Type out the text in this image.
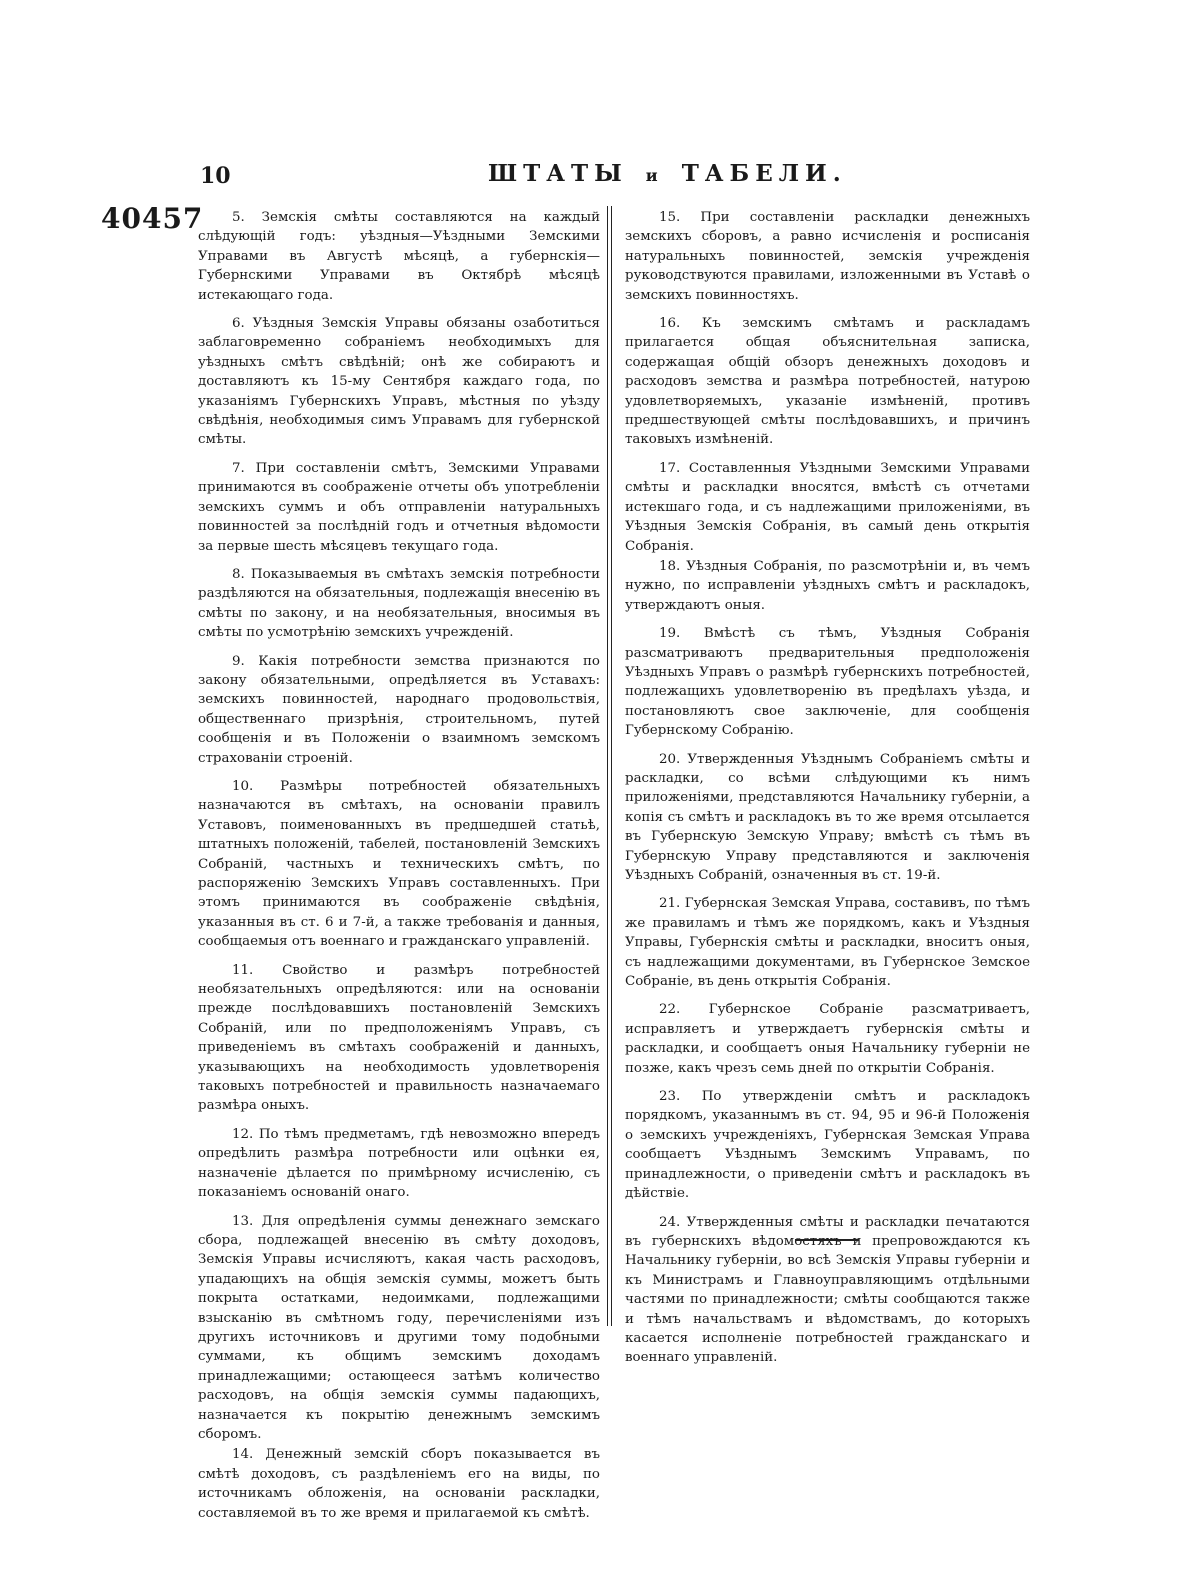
10	ШТАТЫ и ТАБЕЛИ.
40457	5. Земскія смѣты составляются на каждый слѣдующій годъ: уѣздныя—Уѣздными Земскими Управами въ Августѣ мѣсяцѣ, а губернскія—Губернскими Управами въ Октябрѣ мѣсяцѣ истекающаго года.

6. Уѣздныя Земскія Управы обязаны озаботиться заблаговременно собраніемъ необходимыхъ для уѣздныхъ смѣтъ свѣдѣній; онѣ же собираютъ и доставляютъ къ 15-му Сентября каждаго года, по указаніямъ Губернскихъ Управъ, мѣстныя по уѣзду свѣдѣнія, необходимыя симъ Управамъ для губернской смѣты.

7. При составленіи смѣтъ, Земскими Управами принимаются въ соображеніе отчеты объ употребленіи земскихъ суммъ и объ отправленіи натуральныхъ повинностей за послѣдній годъ и отчетныя вѣдомости за первые шесть мѣсяцевъ текущаго года.

8. Показываемыя въ смѣтахъ земскія потребности раздѣляются на обязательныя, подлежащія внесенію въ смѣты по закону, и на необязательныя, вносимыя въ смѣты по усмотрѣнію земскихъ учрежденій.

9. Какія потребности земства признаются по закону обязательными, опредѣляется въ Уставахъ: земскихъ повинностей, народнаго продовольствія, общественнаго призрѣнія, строительномъ, путей сообщенія и въ Положеніи о взаимномъ земскомъ страхованіи строеній.

10. Размѣры потребностей обязательныхъ назначаются въ смѣтахъ, на основаніи правилъ Уставовъ, поименованныхъ въ предшедшей статьѣ, штатныхъ положеній, табелей, постановленій Земскихъ Собраній, частныхъ и техническихъ смѣтъ, по распоряженію Земскихъ Управъ составленныхъ. При этомъ принимаются въ соображеніе свѣдѣнія, указанныя въ ст. 6 и 7-й, а также требованія и данныя, сообщаемыя отъ военнаго и гражданскаго управленій.

11. Свойство и размѣръ потребностей необязательныхъ опредѣляются: или на основаніи прежде послѣдовавшихъ постановленій Земскихъ Собраній, или по предположеніямъ Управъ, съ приведеніемъ въ смѣтахъ соображеній и данныхъ, указывающихъ на необходимость удовлетворенія таковыхъ потребностей и правильность назначаемаго размѣра оныхъ.

12. По тѣмъ предметамъ, гдѣ невозможно впередъ опредѣлить размѣра потребности или оцѣнки ея, назначеніе дѣлается по примѣрному исчисленію, съ показаніемъ основаній онаго.

13. Для опредѣленія суммы денежнаго земскаго сбора, подлежащей внесенію въ смѣту доходовъ, Земскія Управы исчисляютъ, какая часть расходовъ, упадающихъ на общія земскія суммы, можетъ быть покрыта остатками, недоимками, подлежащими взысканію въ смѣтномъ году, перечисленіями изъ другихъ источниковъ и другими тому подобными суммами, къ общимъ земскимъ доходамъ принадлежащими; остающееся затѣмъ количество расходовъ, на общія земскія суммы падающихъ, назначается къ покрытію денежнымъ земскимъ сборомъ.

14. Денежный земскій сборъ показывается въ смѣтѣ доходовъ, съ раздѣленіемъ его на виды, по источникамъ обложенія, на основаніи раскладки, составляемой въ то же время и прилагаемой къ смѣтѣ.

15. При составленіи раскладки денежныхъ земскихъ сборовъ, а равно исчисленія и росписанія натуральныхъ повинностей, земскія учрежденія руководствуются правилами, изложенными въ Уставѣ о земскихъ повинностяхъ.

16. Къ земскимъ смѣтамъ и раскладамъ прилагается общая объяснительная записка, содержащая общій обзоръ денежныхъ доходовъ и расходовъ земства и размѣра потребностей, натурою удовлетворяемыхъ, указаніе измѣненій, противъ предшествующей смѣты послѣдовавшихъ, и причинъ таковыхъ измѣненій.

17. Составленныя Уѣздными Земскими Управами смѣты и раскладки вносятся, вмѣстѣ съ отчетами истекшаго года, и съ надлежащими приложеніями, въ Уѣздныя Земскія Собранія, въ самый день открытія Собранія.

18. Уѣздныя Собранія, по разсмотрѣніи и, въ чемъ нужно, по исправленіи уѣздныхъ смѣтъ и раскладокъ, утверждаютъ оныя.

19. Вмѣстѣ съ тѣмъ, Уѣздныя Собранія разсматриваютъ предварительныя предположенія Уѣздныхъ Управъ о размѣрѣ губернскихъ потребностей, подлежащихъ удовлетворенію въ предѣлахъ уѣзда, и постановляютъ свое заключеніе, для сообщенія Губернскому Собранію.

20. Утвержденныя Уѣзднымъ Собраніемъ смѣты и раскладки, со всѣми слѣдующими къ нимъ приложеніями, представляются Начальнику губерніи, а копія съ смѣтъ и раскладокъ въ то же время отсылается въ Губернскую Земскую Управу; вмѣстѣ съ тѣмъ въ Губернскую Управу представляются и заключенія Уѣздныхъ Собраній, означенныя въ ст. 19-й.

21. Губернская Земская Управа, составивъ, по тѣмъ же правиламъ и тѣмъ же порядкомъ, какъ и Уѣздныя Управы, Губернскія смѣты и раскладки, вноситъ оныя, съ надлежащими документами, въ Губернское Земское Собраніе, въ день открытія Собранія.

22. Губернское Собраніе разсматриваетъ, исправляетъ и утверждаетъ губернскія смѣты и раскладки, и сообщаетъ оныя Начальнику губерніи не позже, какъ чрезъ семь дней по открытіи Собранія.

23. По утвержденіи смѣтъ и раскладокъ порядкомъ, указаннымъ въ ст. 94, 95 и 96-й Положенія о земскихъ учрежденіяхъ, Губернская Земская Управа сообщаетъ Уѣзднымъ Земскимъ Управамъ, по принадлежности, о приведеніи смѣтъ и раскладокъ въ дѣйствіе.

24. Утвержденныя смѣты и раскладки печатаются въ губернскихъ вѣдомостяхъ и препровождаются къ Начальнику губерніи, во всѣ Земскія Управы губерніи и къ Министрамъ и Главноуправляющимъ отдѣльными частями по принадлежности; смѣты сообщаются также и тѣмъ начальствамъ и вѣдомствамъ, до которыхъ касается исполненіе потребностей гражданскаго и военнаго управленій.
